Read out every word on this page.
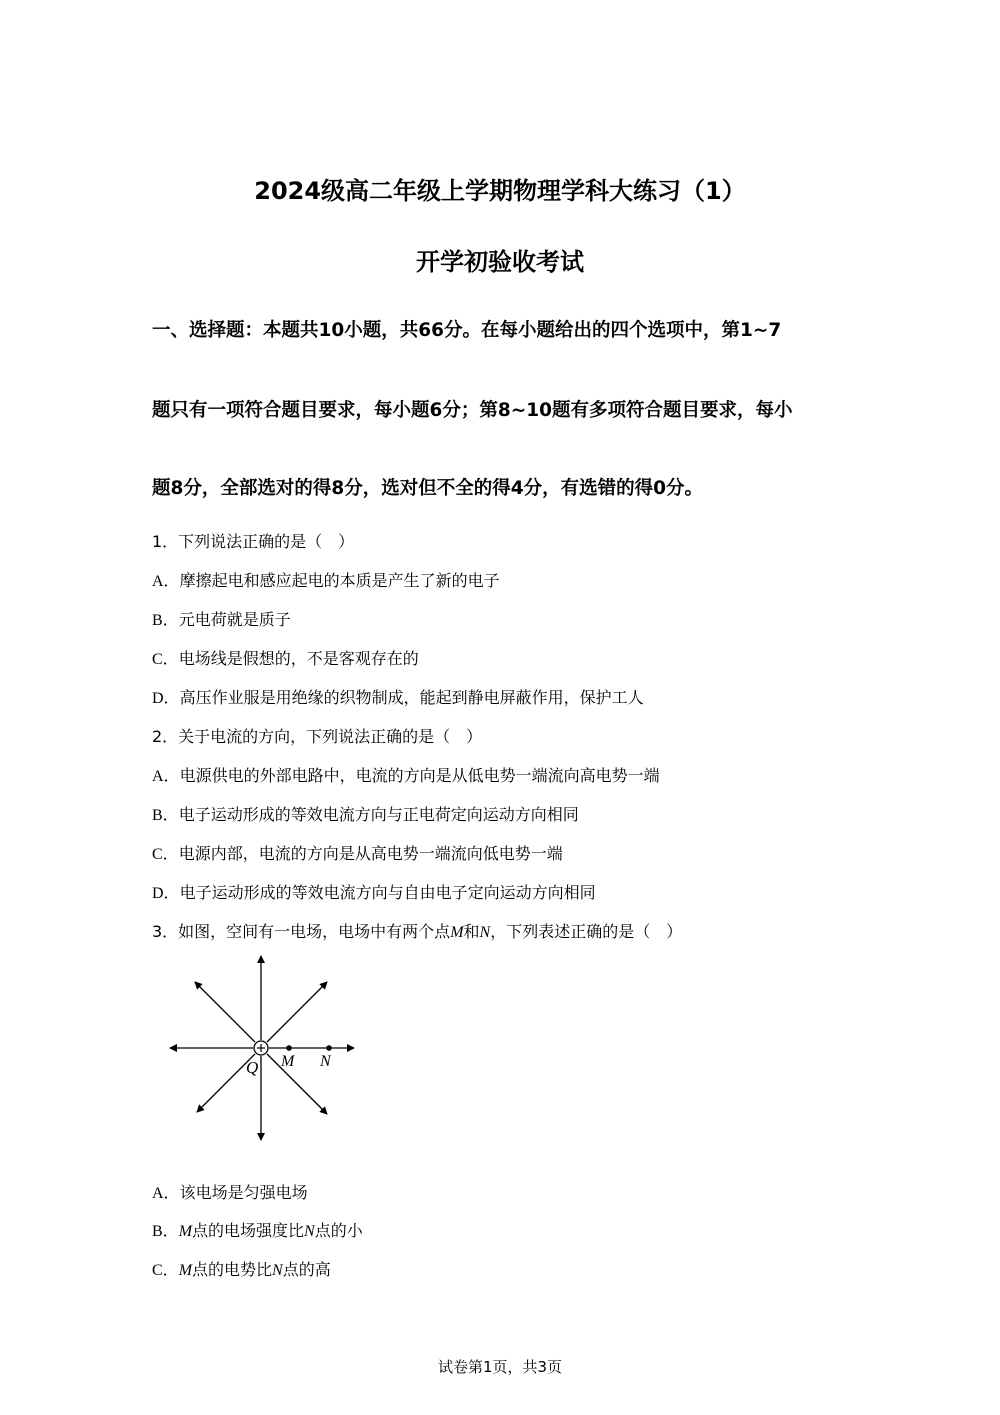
2024级高二年级上学期物理学科大练习（1）
开学初验收考试
一、选择题：本题共10小题，共66分。在每小题给出的四个选项中，第1~7
题只有一项符合题目要求，每小题6分；第8~10题有多项符合题目要求，每小
题8分，全部选对的得8分，选对但不全的得4分，有选错的得0分。
1．下列说法正确的是（　）
A．摩擦起电和感应起电的本质是产生了新的电子
B．元电荷就是质子
C．电场线是假想的，不是客观存在的
D．高压作业服是用绝缘的织物制成，能起到静电屏蔽作用，保护工人
2．关于电流的方向，下列说法正确的是（　）
A．电源供电的外部电路中，电流的方向是从低电势一端流向高电势一端
B．电子运动形成的等效电流方向与正电荷定向运动方向相同
C．电源内部，电流的方向是从高电势一端流向低电势一端
D．电子运动形成的等效电流方向与自由电子定向运动方向相同
3．如图，空间有一电场，电场中有两个点M和N，下列表述正确的是（　）
Q M N
A．该电场是匀强电场
B．M点的电场强度比N点的小
C．M点的电势比N点的高
试卷第1页，共3页
